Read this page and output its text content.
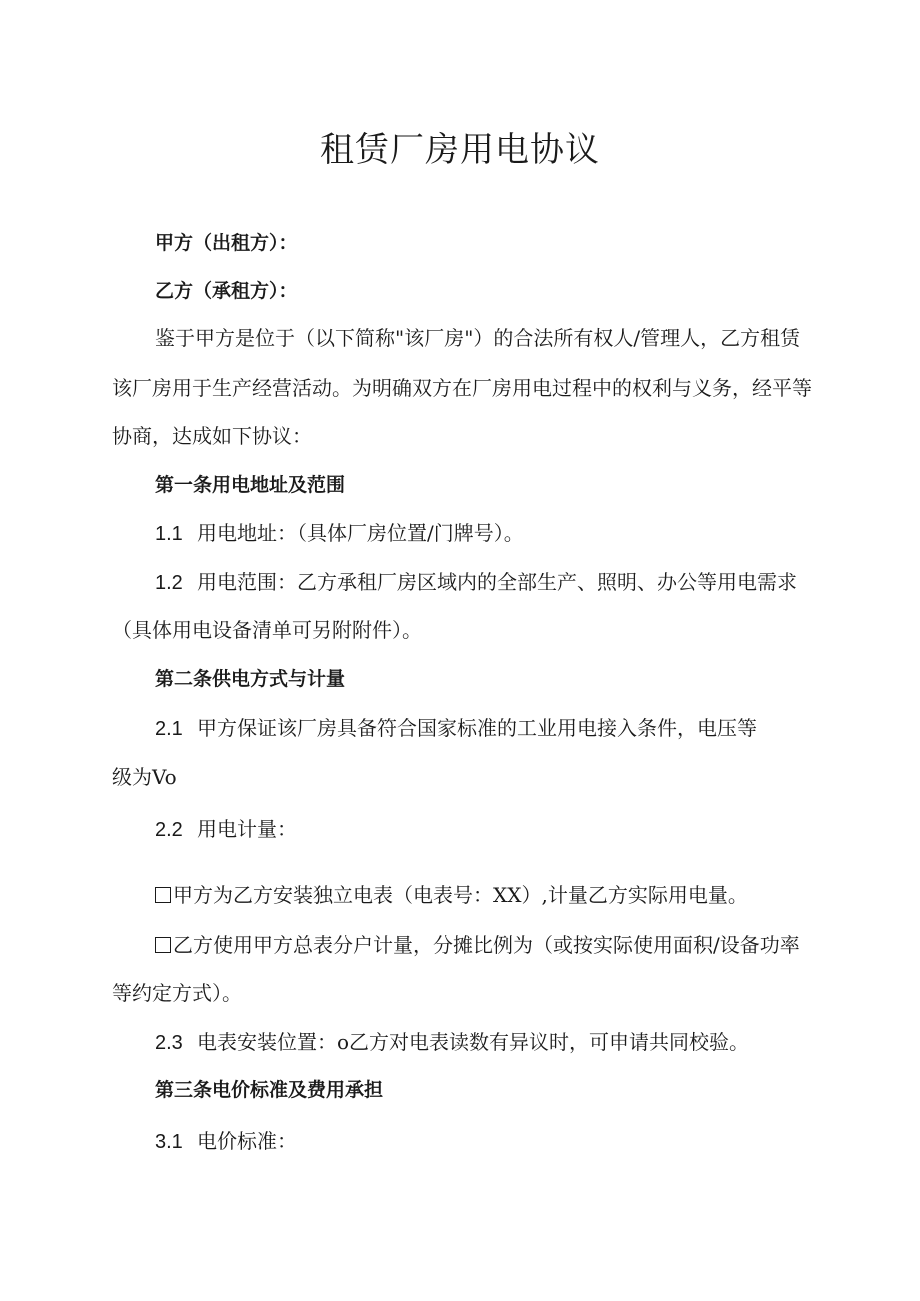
租赁厂房用电协议

甲方（出租方）：

乙方（承租方）：

鉴于甲方是位于（以下简称"该厂房"）的合法所有权人/管理人，乙方租赁

该厂房用于生产经营活动。为明确双方在厂房用电过程中的权利与义务，经平等

协商，达成如下协议：

第一条用电地址及范围

1.1 用电地址：（具体厂房位置/门牌号）。

1.2 用电范围：乙方承租厂房区域内的全部生产、照明、办公等用电需求

（具体用电设备清单可另附附件）。

第二条供电方式与计量

2.1 甲方保证该厂房具备符合国家标准的工业用电接入条件，电压等

级为Vo

2.2 用电计量：

甲方为乙方安装独立电表（电表号：XX）,计量乙方实际用电量。

乙方使用甲方总表分户计量，分摊比例为（或按实际使用面积/设备功率

等约定方式）。

2.3 电表安装位置：o乙方对电表读数有异议时，可申请共同校验。

第三条电价标准及费用承担

3.1 电价标准：
